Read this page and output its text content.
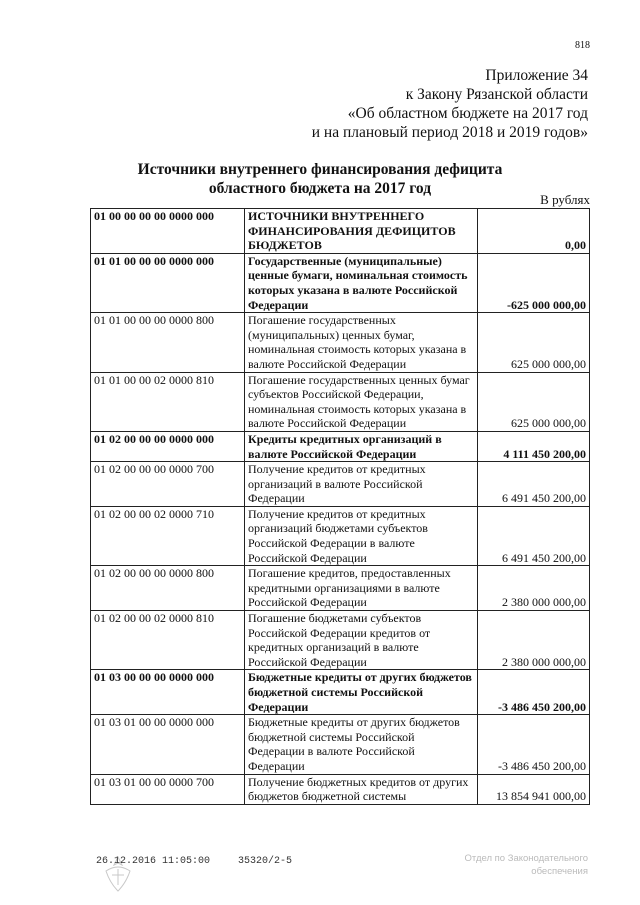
818
Приложение 34
к Закону Рязанской области
«Об областном бюджете на 2017 год
и на плановый период 2018 и 2019 годов»
Источники внутреннего финансирования дефицита
областного бюджета на 2017 год
В рублях
01 00 00 00 00 0000 000	ИСТОЧНИКИ ВНУТРЕННЕГО ФИНАНСИРОВАНИЯ ДЕФИЦИТОВ БЮДЖЕТОВ	0,00
01 01 00 00 00 0000 000	Государственные (муниципальные) ценные бумаги, номинальная стоимость которых указана в валюте Российской Федерации	-625 000 000,00
01 01 00 00 00 0000 800	Погашение государственных (муниципальных) ценных бумаг, номинальная стоимость которых указана в валюте Российской Федерации	625 000 000,00
01 01 00 00 02 0000 810	Погашение государственных ценных бумаг субъектов Российской Федерации, номинальная стоимость которых указана в валюте Российской Федерации	625 000 000,00
01 02 00 00 00 0000 000	Кредиты кредитных организаций в валюте Российской Федерации	4 111 450 200,00
01 02 00 00 00 0000 700	Получение кредитов от кредитных организаций в валюте Российской Федерации	6 491 450 200,00
01 02 00 00 02 0000 710	Получение кредитов от кредитных организаций бюджетами субъектов Российской Федерации в валюте Российской Федерации	6 491 450 200,00
01 02 00 00 00 0000 800	Погашение кредитов, предоставленных кредитными организациями в валюте Российской Федерации	2 380 000 000,00
01 02 00 00 02 0000 810	Погашение бюджетами субъектов Российской Федерации кредитов от кредитных организаций в валюте Российской Федерации	2 380 000 000,00
01 03 00 00 00 0000 000	Бюджетные кредиты от других бюджетов бюджетной системы Российской Федерации	-3 486 450 200,00
01 03 01 00 00 0000 000	Бюджетные кредиты от других бюджетов бюджетной системы Российской Федерации в валюте Российской Федерации	-3 486 450 200,00
01 03 01 00 00 0000 700	Получение бюджетных кредитов от других бюджетов бюджетной системы	13 854 941 000,00
26.12.2016 11:05:00	35320/2-5	Отдел по Законодательного
обеспечения
